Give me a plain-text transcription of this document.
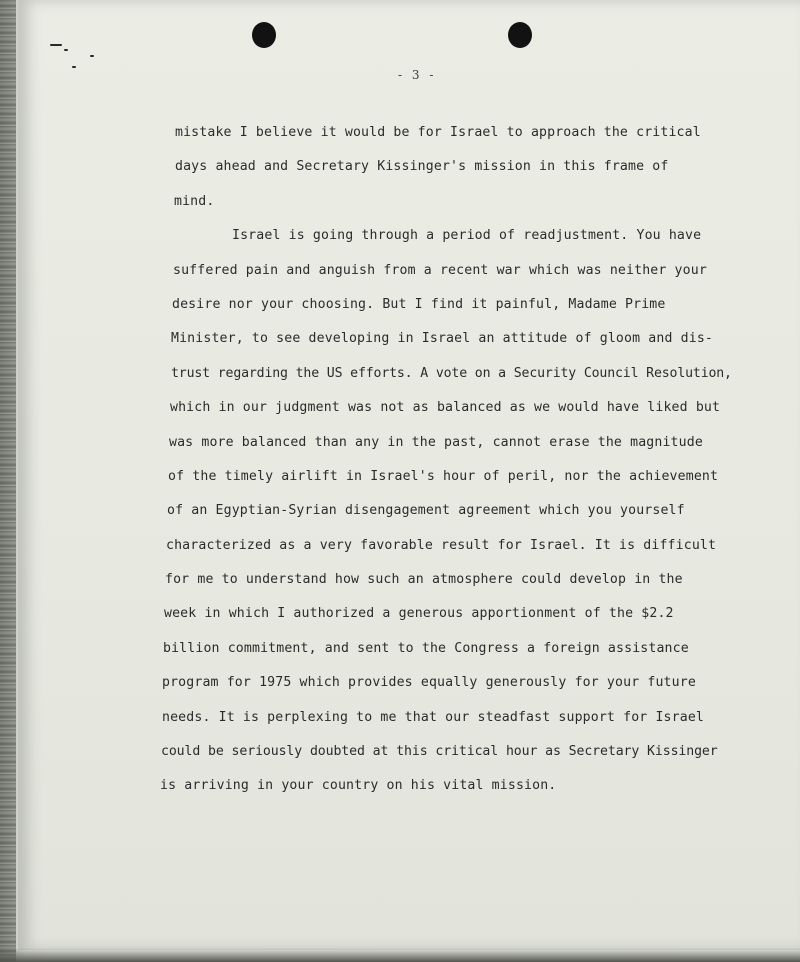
- 3 -

mistake I believe it would be for Israel to approach the critical
days ahead and Secretary Kissinger's mission in this frame of
mind.
Israel is going through a period of readjustment. You have
suffered pain and anguish from a recent war which was neither your
desire nor your choosing. But I find it painful, Madame Prime
Minister, to see developing in Israel an attitude of gloom and dis-
trust regarding the US efforts. A vote on a Security Council Resolution,
which in our judgment was not as balanced as we would have liked but
was more balanced than any in the past, cannot erase the magnitude
of the timely airlift in Israel's hour of peril, nor the achievement
of an Egyptian-Syrian disengagement agreement which you yourself
characterized as a very favorable result for Israel. It is difficult
for me to understand how such an atmosphere could develop in the
week in which I authorized a generous apportionment of the $2.2
billion commitment, and sent to the Congress a foreign assistance
program for 1975 which provides equally generously for your future
needs. It is perplexing to me that our steadfast support for Israel
could be seriously doubted at this critical hour as Secretary Kissinger
is arriving in your country on his vital mission.
